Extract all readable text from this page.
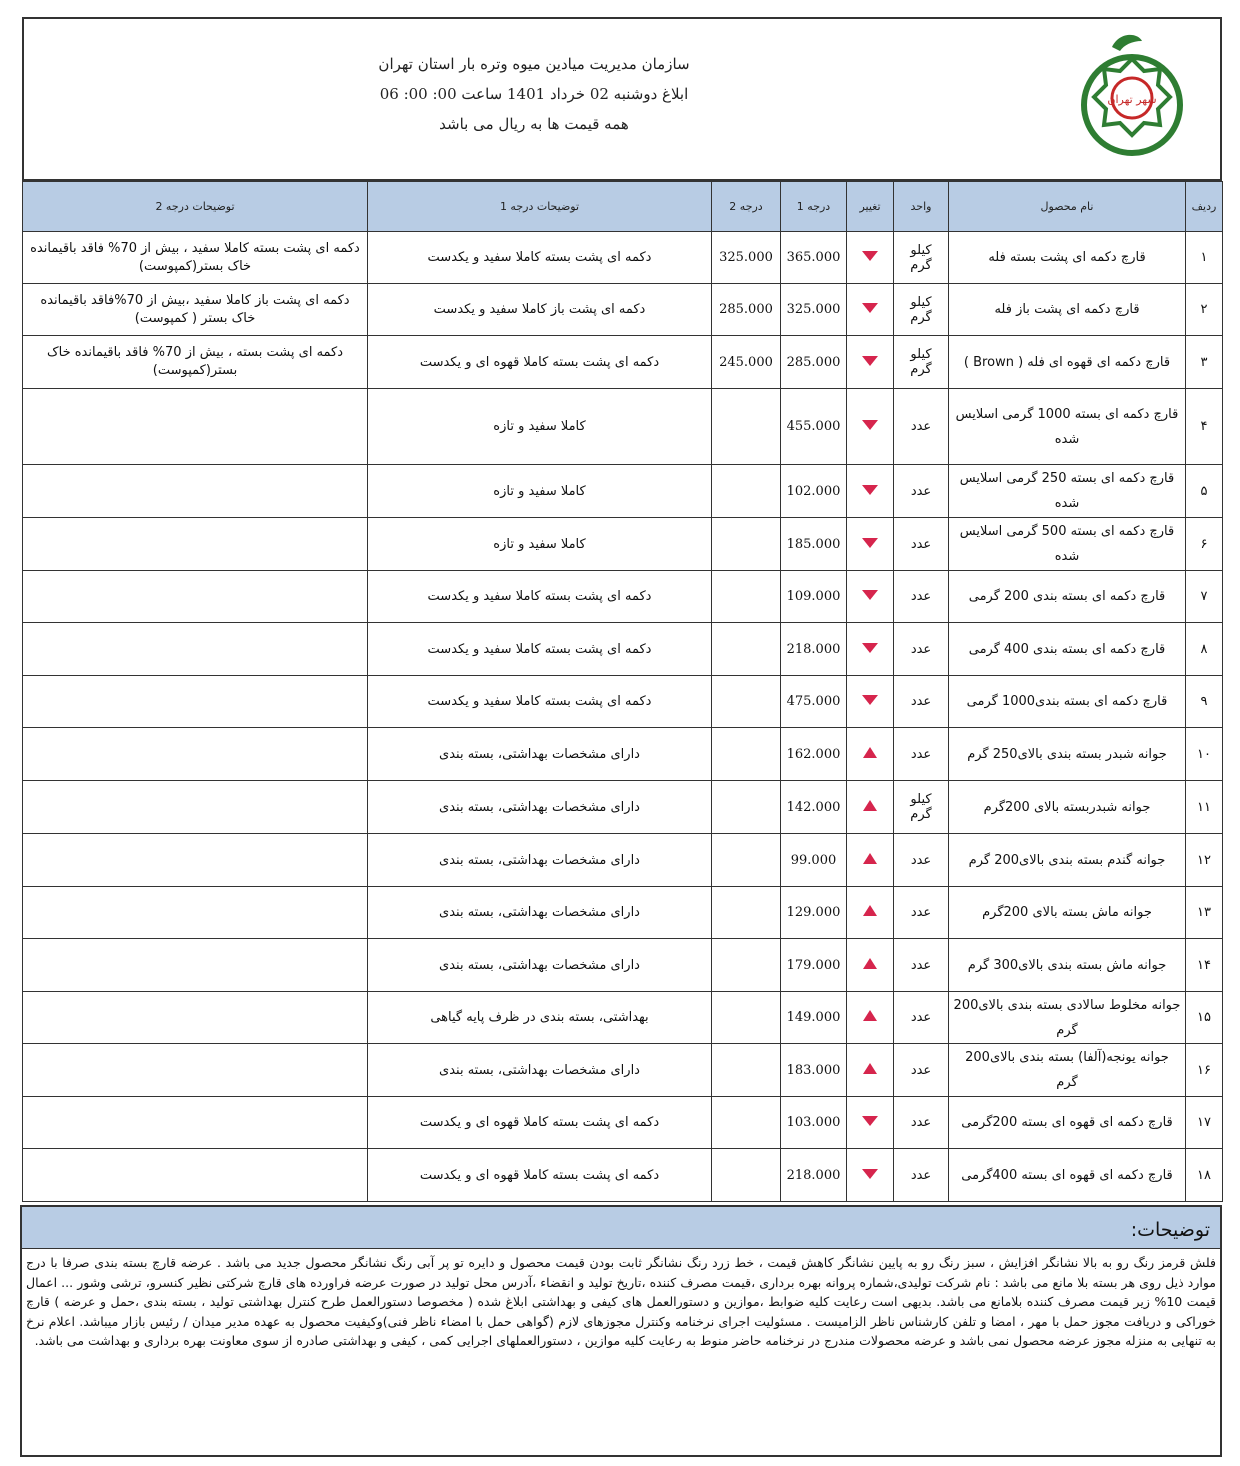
سازمان مدیریت میادین میوه وتره بار استان تهران
ابلاغ دوشنبه 02 خرداد 1401 ساعت 00: 00: 06
همه قیمت ها به ریال می باشد
شهر تهران
ردیف	نام محصول	واحد	تغییر	درجه 1	درجه 2	توضیحات درجه 1	توضیحات درجه 2
۱	قارچ دکمه ای پشت بسته فله	کیلو گرم		365.000	325.000	دکمه ای پشت بسته کاملا سفید و یکدست	دکمه ای پشت بسته کاملا سفید ، بیش از 70% فاقد باقیمانده خاک بستر(کمپوست)
۲	قارچ دکمه ای پشت باز فله	کیلو گرم		325.000	285.000	دکمه ای پشت باز کاملا سفید و یکدست	دکمه ای پشت باز کاملا سفید ،بیش از 70%فاقد باقیمانده خاک بستر ( کمپوست)
۳	قارچ دکمه ای قهوه ای فله ( Brown )	کیلو گرم		285.000	245.000	دکمه ای پشت بسته کاملا قهوه ای و یکدست	دکمه ای پشت بسته ، بیش از 70% فاقد باقیمانده خاک بستر(کمپوست)
۴	قارچ دکمه ای بسته 1000 گرمی اسلایس شده	عدد		455.000		کاملا سفید و تازه	
۵	قارچ دکمه ای بسته 250 گرمی اسلایس شده	عدد		102.000		کاملا سفید و تازه	
۶	قارچ دکمه ای بسته 500 گرمی اسلایس شده	عدد		185.000		کاملا سفید و تازه	
۷	قارچ دکمه ای بسته بندی 200 گرمی	عدد		109.000		دکمه ای پشت بسته کاملا سفید و یکدست	
۸	قارچ دکمه ای بسته بندی 400 گرمی	عدد		218.000		دکمه ای پشت بسته کاملا سفید و یکدست	
۹	قارچ دکمه ای بسته بندی1000 گرمی	عدد		475.000		دکمه ای پشت بسته کاملا سفید و یکدست	
۱۰	جوانه شبدر بسته بندی بالای250 گرم	عدد		162.000		دارای مشخصات بهداشتی، بسته بندی	
۱۱	جوانه شبدربسته بالای 200گرم	کیلو گرم		142.000		دارای مشخصات بهداشتی، بسته بندی	
۱۲	جوانه گندم بسته بندی بالای200 گرم	عدد		99.000		دارای مشخصات بهداشتی، بسته بندی	
۱۳	جوانه ماش بسته بالای 200گرم	عدد		129.000		دارای مشخصات بهداشتی، بسته بندی	
۱۴	جوانه ماش بسته بندی بالای300 گرم	عدد		179.000		دارای مشخصات بهداشتی، بسته بندی	
۱۵	جوانه مخلوط سالادی بسته بندی بالای200 گرم	عدد		149.000		بهداشتی، بسته بندی در ظرف پایه گیاهی	
۱۶	جوانه یونجه(آلفا) بسته بندی بالای200 گرم	عدد		183.000		دارای مشخصات بهداشتی، بسته بندی	
۱۷	قارچ دکمه ای قهوه ای بسته 200گرمی	عدد		103.000		دکمه ای پشت بسته کاملا قهوه ای و یکدست	
۱۸	قارچ دکمه ای قهوه ای بسته 400گرمی	عدد		218.000		دکمه ای پشت بسته کاملا قهوه ای و یکدست	
توضیحات:
فلش قرمز رنگ رو به بالا نشانگر افزایش ، سبز رنگ رو به پایین نشانگر کاهش قیمت ، خط زرد رنگ نشانگر ثابت بودن قیمت محصول و دایره تو پر آبی رنگ نشانگر محصول جدید می باشد . عرضه قارچ بسته بندی صرفا با درج موارد ذیل روی هر بسته بلا مانع می باشد : نام شرکت تولیدی،شماره پروانه بهره برداری ،قیمت مصرف کننده ،تاریخ تولید و انقضاء ،آدرس محل تولید در صورت عرضه فراورده های قارچ شرکتی نظیر کنسرو، ترشی وشور ... اعمال قیمت 10% زیر قیمت مصرف کننده بلامانع می باشد. بدیهی است رعایت کلیه ضوابط ،موازین و دستورالعمل های کیفی و بهداشتی ابلاغ شده ( مخصوصا دستورالعمل طرح کنترل بهداشتی تولید ، بسته بندی ،حمل و عرضه ) قارچ خوراکی و دریافت مجوز حمل با مهر ، امضا و تلفن کارشناس ناظر الزامیست . مسئولیت اجرای نرخنامه وکنترل مجوزهای لازم (گواهی حمل با امضاء ناظر فنی)وکیفیت محصول به عهده مدیر میدان / رئیس بازار میباشد. اعلام نرخ به تنهایی به منزله مجوز عرضه محصول نمی باشد و عرضه محصولات مندرج در نرخنامه حاضر منوط به رعایت کلیه موازین ، دستورالعملهای اجرایی کمی ، کیفی و بهداشتی صادره از سوی معاونت بهره برداری و بهداشت می باشد.
